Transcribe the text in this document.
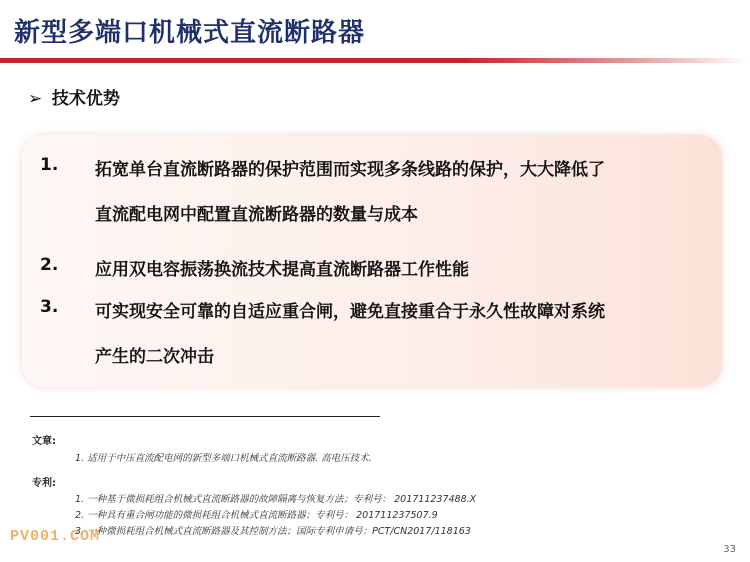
新型多端口机械式直流断路器
➢ 技术优势
1.	拓宽单台直流断路器的保护范围而实现多条线路的保护，大大降低了
直流配电网中配置直流断路器的数量与成本
2.	应用双电容振荡换流技术提高直流断路器工作性能
3.	可实现安全可靠的自适应重合闸，避免直接重合于永久性故障对系统
产生的二次冲击
文章:
1. 适用于中压直流配电网的新型多端口机械式直流断路器. 高电压技术.
专利:
1. 一种基于微损耗组合机械式直流断路器的故障隔离与恢复方法；专利号： 201711237488.X
2. 一种具有重合闸功能的微损耗组合机械式直流断路器；专利号： 201711237507.9
3. 一种微损耗组合机械式直流断路器及其控制方法；国际专利申请号：PCT/CN2017/118163
PV001.COM
33
